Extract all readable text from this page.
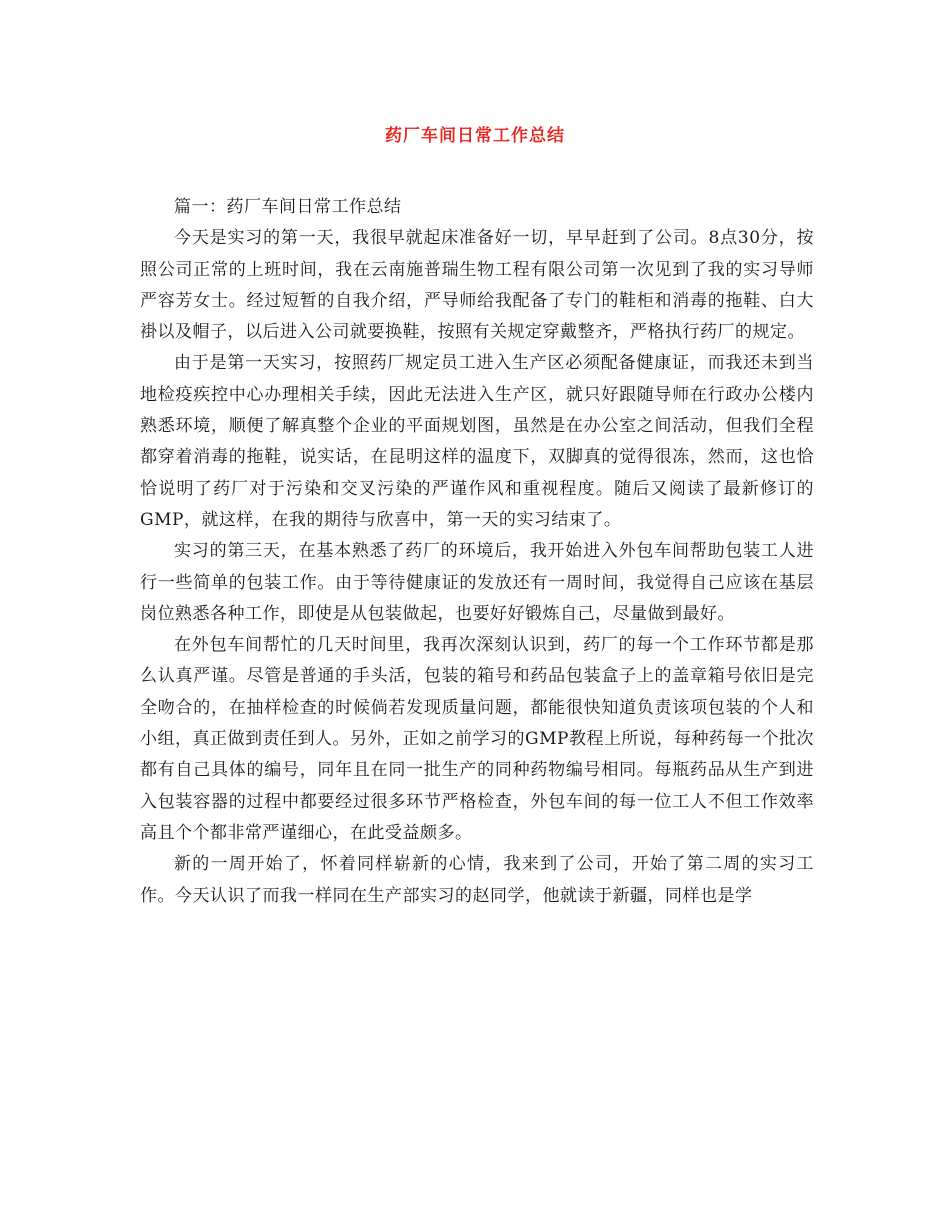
药厂车间日常工作总结

篇一：药厂车间日常工作总结

今天是实习的第一天，我很早就起床准备好一切，早早赶到了公司。8点30分，按照公司正常的上班时间，我在云南施普瑞生物工程有限公司第一次见到了我的实习导师严容芳女士。经过短暂的自我介绍，严导师给我配备了专门的鞋柜和消毒的拖鞋、白大褂以及帽子，以后进入公司就要换鞋，按照有关规定穿戴整齐，严格执行药厂的规定。

由于是第一天实习，按照药厂规定员工进入生产区必须配备健康证，而我还未到当地检疫疾控中心办理相关手续，因此无法进入生产区，就只好跟随导师在行政办公楼内熟悉环境，顺便了解真整个企业的平面规划图，虽然是在办公室之间活动，但我们全程都穿着消毒的拖鞋，说实话，在昆明这样的温度下，双脚真的觉得很冻，然而，这也恰恰说明了药厂对于污染和交叉污染的严谨作风和重视程度。随后又阅读了最新修订的GMP，就这样，在我的期待与欣喜中，第一天的实习结束了。

实习的第三天，在基本熟悉了药厂的环境后，我开始进入外包车间帮助包装工人进行一些简单的包装工作。由于等待健康证的发放还有一周时间，我觉得自己应该在基层岗位熟悉各种工作，即使是从包装做起，也要好好锻炼自己，尽量做到最好。

在外包车间帮忙的几天时间里，我再次深刻认识到，药厂的每一个工作环节都是那么认真严谨。尽管是普通的手头活，包装的箱号和药品包装盒子上的盖章箱号依旧是完全吻合的，在抽样检查的时候倘若发现质量问题，都能很快知道负责该项包装的个人和小组，真正做到责任到人。另外，正如之前学习的GMP教程上所说，每种药每一个批次都有自己具体的编号，同年且在同一批生产的同种药物编号相同。每瓶药品从生产到进入包装容器的过程中都要经过很多环节严格检查，外包车间的每一位工人不但工作效率高且个个都非常严谨细心，在此受益颇多。

新的一周开始了，怀着同样崭新的心情，我来到了公司，开始了第二周的实习工作。今天认识了而我一样同在生产部实习的赵同学，他就读于新疆，同样也是学
